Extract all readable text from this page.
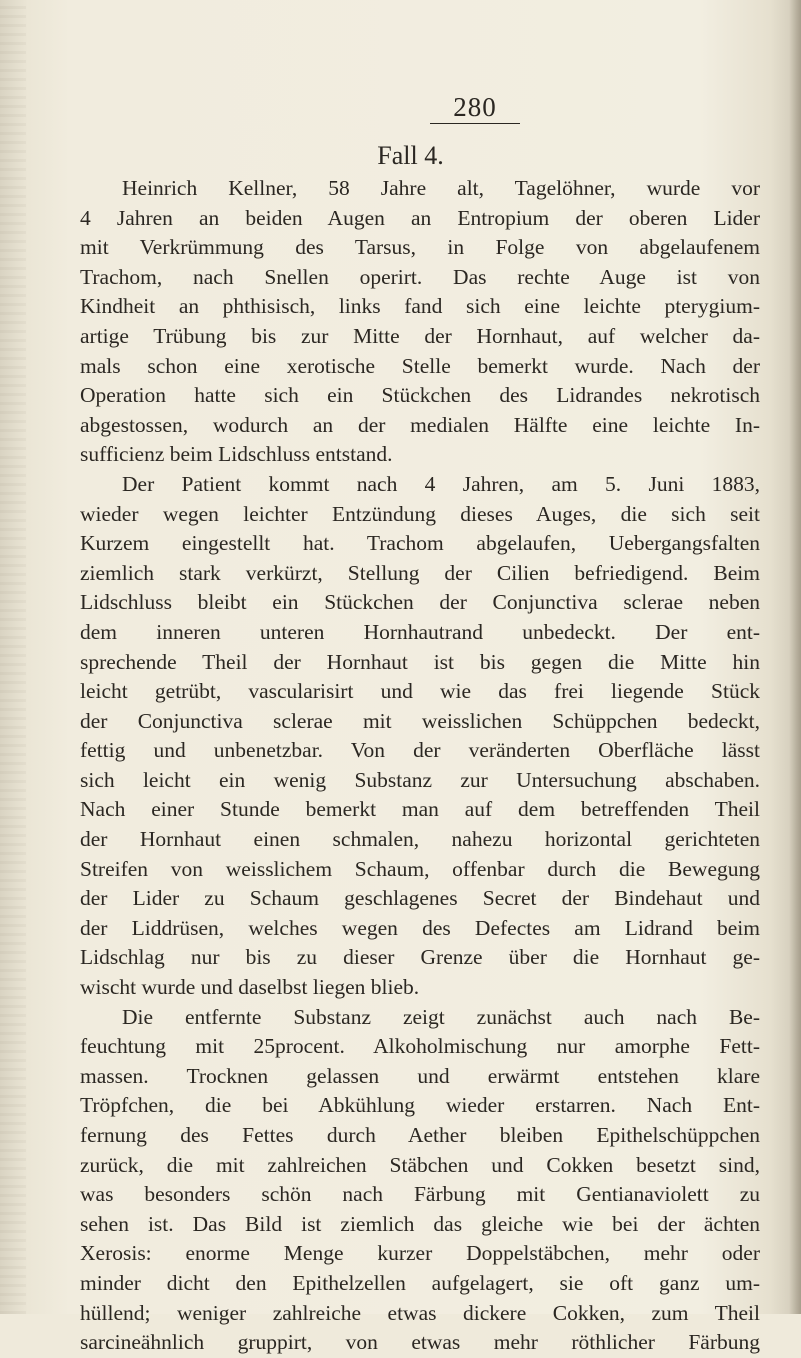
280
Fall 4.
Heinrich Kellner, 58 Jahre alt, Tagelöhner, wurde vor
4 Jahren an beiden Augen an Entropium der oberen Lider
mit Verkrümmung des Tarsus, in Folge von abgelaufenem
Trachom, nach Snellen operirt. Das rechte Auge ist von
Kindheit an phthisisch, links fand sich eine leichte pterygium-
artige Trübung bis zur Mitte der Hornhaut, auf welcher da-
mals schon eine xerotische Stelle bemerkt wurde. Nach der
Operation hatte sich ein Stückchen des Lidrandes nekrotisch
abgestossen, wodurch an der medialen Hälfte eine leichte In-
sufficienz beim Lidschluss entstand.
Der Patient kommt nach 4 Jahren, am 5. Juni 1883,
wieder wegen leichter Entzündung dieses Auges, die sich seit
Kurzem eingestellt hat. Trachom abgelaufen, Uebergangsfalten
ziemlich stark verkürzt, Stellung der Cilien befriedigend. Beim
Lidschluss bleibt ein Stückchen der Conjunctiva sclerae neben
dem inneren unteren Hornhautrand unbedeckt. Der ent-
sprechende Theil der Hornhaut ist bis gegen die Mitte hin
leicht getrübt, vascularisirt und wie das frei liegende Stück
der Conjunctiva sclerae mit weisslichen Schüppchen bedeckt,
fettig und unbenetzbar. Von der veränderten Oberfläche lässt
sich leicht ein wenig Substanz zur Untersuchung abschaben.
Nach einer Stunde bemerkt man auf dem betreffenden Theil
der Hornhaut einen schmalen, nahezu horizontal gerichteten
Streifen von weisslichem Schaum, offenbar durch die Bewegung
der Lider zu Schaum geschlagenes Secret der Bindehaut und
der Liddrüsen, welches wegen des Defectes am Lidrand beim
Lidschlag nur bis zu dieser Grenze über die Hornhaut ge-
wischt wurde und daselbst liegen blieb.
Die entfernte Substanz zeigt zunächst auch nach Be-
feuchtung mit 25procent. Alkoholmischung nur amorphe Fett-
massen. Trocknen gelassen und erwärmt entstehen klare
Tröpfchen, die bei Abkühlung wieder erstarren. Nach Ent-
fernung des Fettes durch Aether bleiben Epithelschüppchen
zurück, die mit zahlreichen Stäbchen und Cokken besetzt sind,
was besonders schön nach Färbung mit Gentianaviolett zu
sehen ist. Das Bild ist ziemlich das gleiche wie bei der ächten
Xerosis: enorme Menge kurzer Doppelstäbchen, mehr oder
minder dicht den Epithelzellen aufgelagert, sie oft ganz um-
hüllend; weniger zahlreiche etwas dickere Cokken, zum Theil
sarcineähnlich gruppirt, von etwas mehr röthlicher Färbung
